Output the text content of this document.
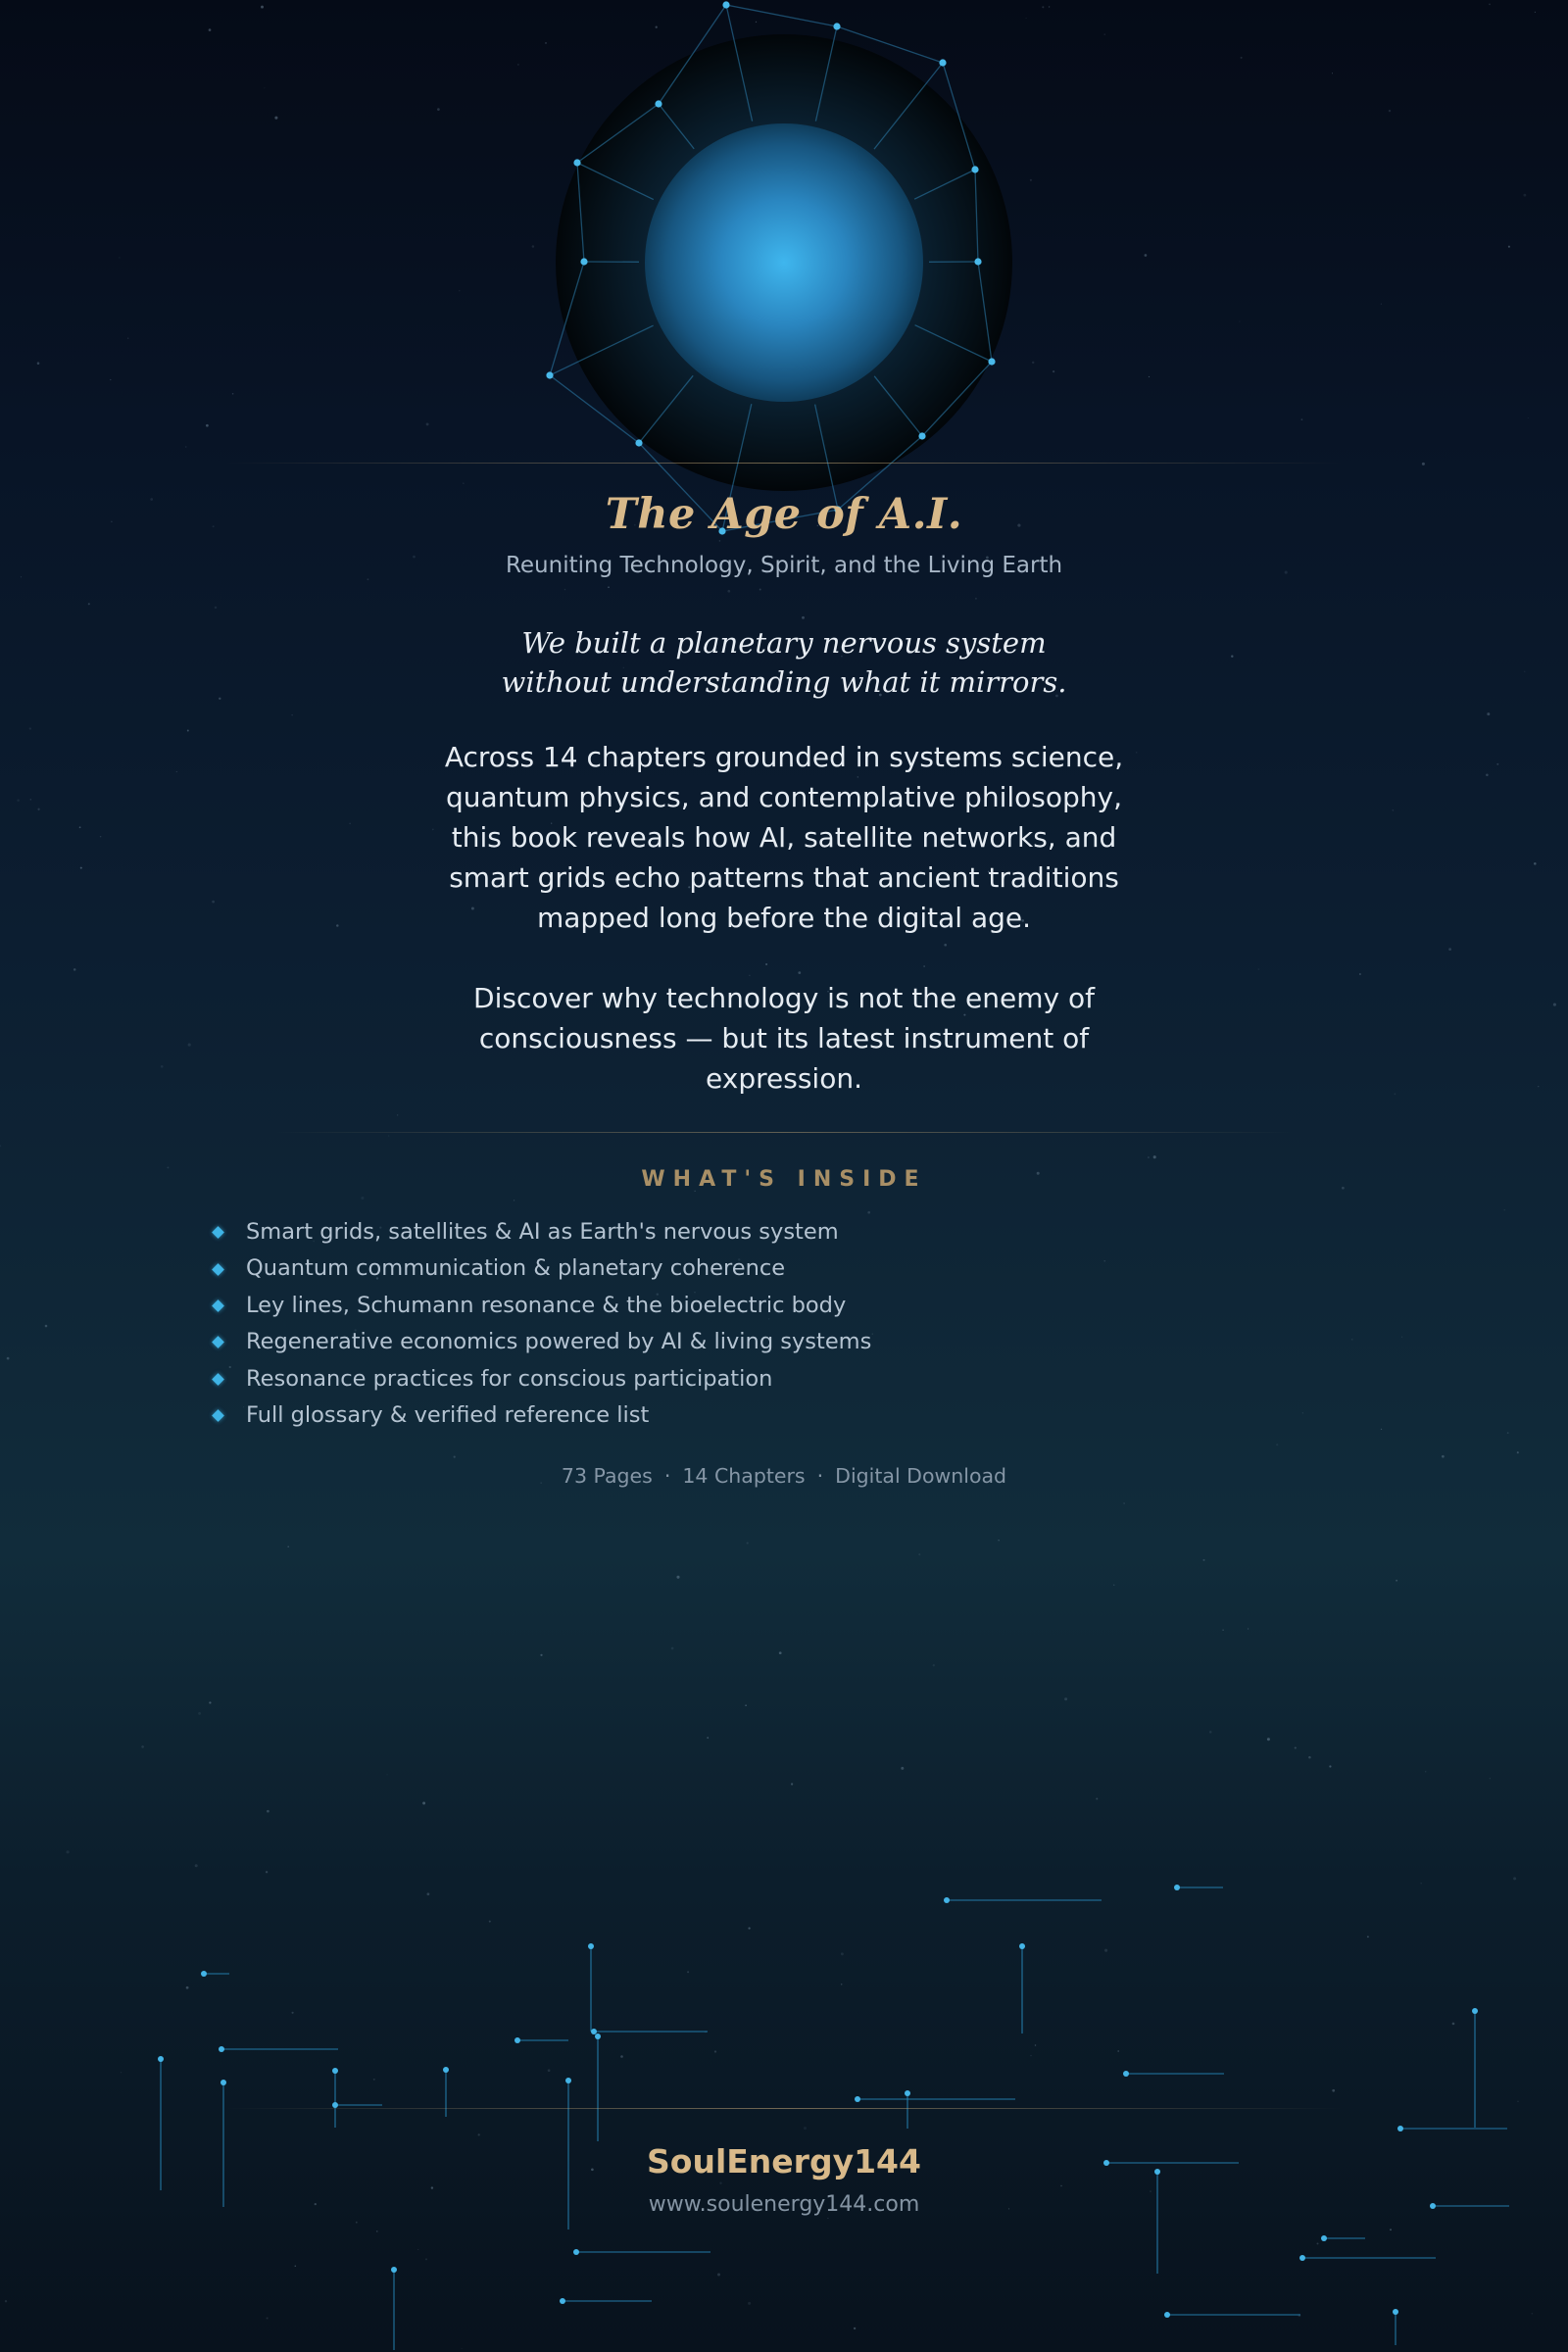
The Age of A.I.
Reuniting Technology, Spirit, and the Living Earth
We built a planetary nervous system
without understanding what it mirrors.

Across 14 chapters grounded in systems science, quantum physics, and contemplative philosophy, this book reveals how AI, satellite networks, and smart grids echo patterns that ancient traditions mapped long before the digital age.

Discover why technology is not the enemy of consciousness — but its latest instrument of expression.

WHAT'S INSIDE
Smart grids, satellites & AI as Earth's nervous system
Quantum communication & planetary coherence
Ley lines, Schumann resonance & the bioelectric body
Regenerative economics powered by AI & living systems
Resonance practices for conscious participation
Full glossary & verified reference list
73 Pages · 14 Chapters · Digital Download
SoulEnergy144
www.soulenergy144.com
